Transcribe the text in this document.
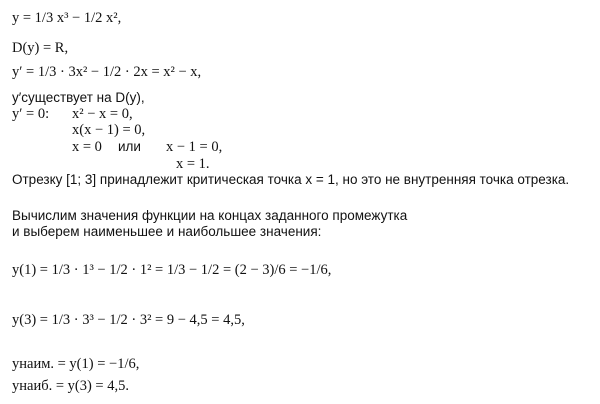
y = 1/3 x³ − 1/2 x²,
D(y) = R,
y′ = 1/3 · 3x² − 1/2 · 2x = x² − x,
y′существует на D(y),
y′ = 0: x² − x = 0,
x(x − 1) = 0,
x = 0 или x − 1 = 0,
x = 1.
Отрезку [1; 3] принадлежит критическая точка x = 1, но это не внутренняя точка отрезка.
Вычислим значения функции на концах заданного промежутка
и выберем наименьшее и наибольшее значения:
y(1) = 1/3 · 1³ − 1/2 · 1² = 1/3 − 1/2 = (2 − 3)/6 = −1/6,
y(3) = 1/3 · 3³ − 1/2 · 3² = 9 − 4,5 = 4,5,
yнаим. = y(1) = −1/6,
yнаиб. = y(3) = 4,5.
